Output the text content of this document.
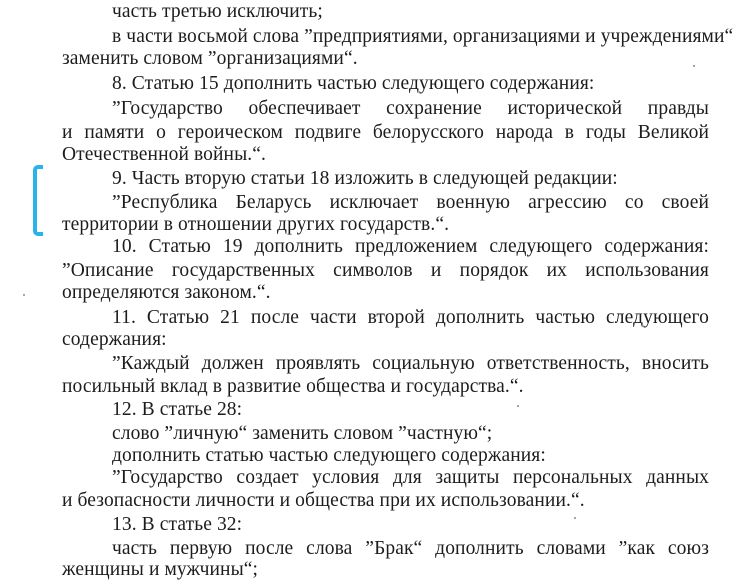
часть третью исключить;
в части восьмой слова ”предприятиями, организациями и учреждениями“
заменить словом ”организациями“.
8. Статью 15 дополнить частью следующего содержания:
”Государство обеспечивает сохранение исторической правды
и памяти о героическом подвиге белорусского народа в годы Великой
Отечественной войны.“.
9. Часть вторую статьи 18 изложить в следующей редакции:
”Республика Беларусь исключает военную агрессию со своей
территории в отношении других государств.“.
10. Статью 19 дополнить предложением следующего содержания:
”Описание государственных символов и порядок их использования
определяются законом.“.
11. Статью 21 после части второй дополнить частью следующего
содержания:
”Каждый должен проявлять социальную ответственность, вносить
посильный вклад в развитие общества и государства.“.
12. В статье 28:
слово ”личную“ заменить словом ”частную“;
дополнить статью частью следующего содержания:
”Государство создает условия для защиты персональных данных
и безопасности личности и общества при их использовании.“.
13. В статье 32:
часть первую после слова ”Брак“ дополнить словами ”как союз
женщины и мужчины“;
